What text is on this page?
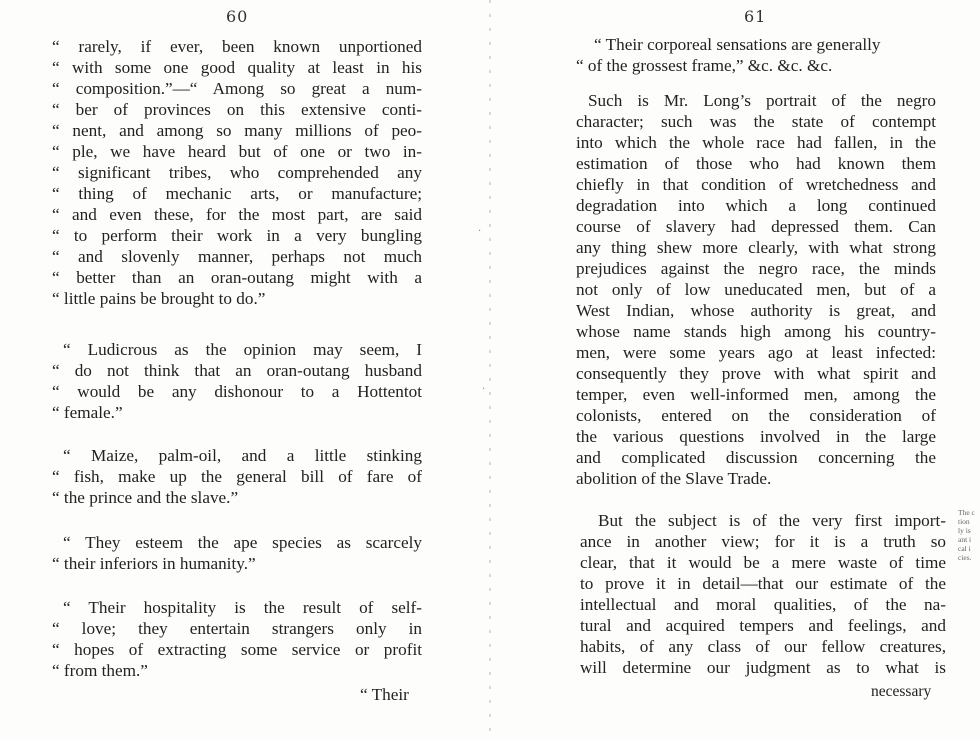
60
“ rarely, if ever, been known unportioned
“ with some one good quality at least in his
“ composition.”—“ Among so great a num-
“ ber of provinces on this extensive conti-
“ nent, and among so many millions of peo-
“ ple, we have heard but of one or two in-
“ significant tribes, who comprehended any
“ thing of mechanic arts, or manufacture;
“ and even these, for the most part, are said
“ to perform their work in a very bungling
“ and slovenly manner, perhaps not much
“ better than an oran-outang might with a
“ little pains be brought to do.”
“ Ludicrous as the opinion may seem, I
“ do not think that an oran-outang husband
“ would be any dishonour to a Hottentot
“ female.”
“ Maize, palm-oil, and a little stinking
“ fish, make up the general bill of fare of
“ the prince and the slave.”
“ They esteem the ape species as scarcely
“ their inferiors in humanity.”
“ Their hospitality is the result of self-
“ love; they entertain strangers only in
“ hopes of extracting some service or profit
“ from them.”
“ Their
·
·
61
“ Their corporeal sensations are generally
“ of the grossest frame,” &c. &c. &c.
Such is Mr. Long’s portrait of the negro
character; such was the state of contempt
into which the whole race had fallen, in the
estimation of those who had known them
chiefly in that condition of wretchedness and
degradation into which a long continued
course of slavery had depressed them. Can
any thing shew more clearly, with what strong
prejudices against the negro race, the minds
not only of low uneducated men, but of a
West Indian, whose authority is great, and
whose name stands high among his country-
men, were some years ago at least infected:
consequently they prove with what spirit and
temper, even well-informed men, among the
colonists, entered on the consideration of
the various questions involved in the large
and complicated discussion concerning the
abolition of the Slave Trade.
But the subject is of the very first import-
ance in another view; for it is a truth so
clear, that it would be a mere waste of time
to prove it in detail—that our estimate of the
intellectual and moral qualities, of the na-
tural and acquired tempers and feelings, and
habits, of any class of our fellow creatures,
will determine our judgment as to what is
necessary
The c
tion
ly is
ant i
cal i
cies.
